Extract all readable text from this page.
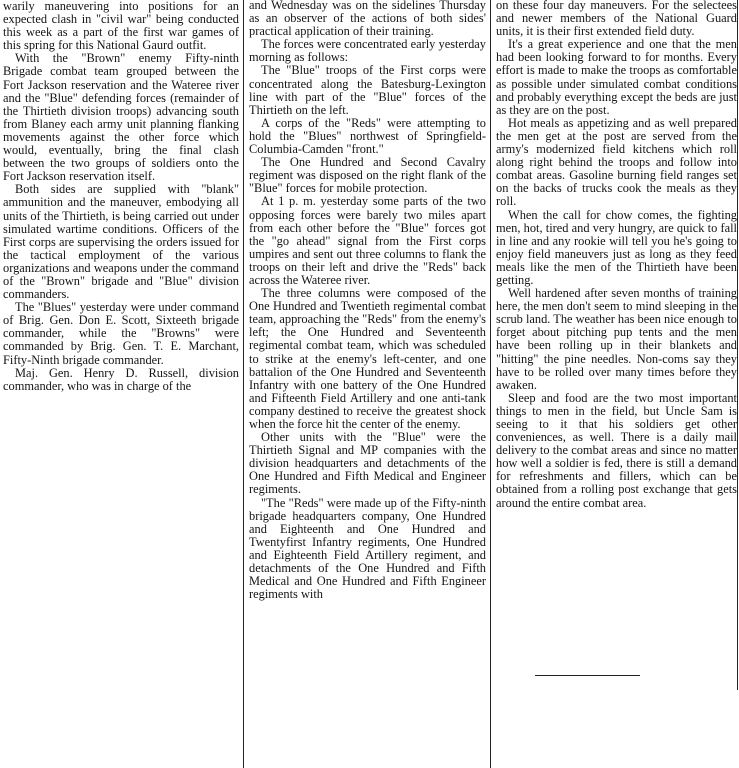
warily maneuvering into positions for an expected clash in "civil war" being conducted this week as a part of the first war games of this spring for this National Gaurd outfit.

With the "Brown" enemy Fifty-ninth Brigade combat team grouped between the Fort Jackson reservation and the Wateree river and the "Blue" defending forces (remainder of the Thirtieth division troops) advancing south from Blaney each army unit planning flanking movements against the other force which would, eventually, bring the final clash between the two groups of soldiers onto the Fort Jackson reservation itself.

Both sides are supplied with "blank" ammunition and the maneuver, embodying all units of the Thirtieth, is being carried out under simulated wartime conditions. Officers of the First corps are supervising the orders issued for the tactical employment of the various organizations and weapons under the command of the "Brown" brigade and "Blue" division commanders.

The "Blues" yesterday were under command of Brig. Gen. Don E. Scott, Sixteeth brigade commander, while the "Browns" were commanded by Brig. Gen. T. E. Marchant, Fifty-Ninth brigade commander.

Maj. Gen. Henry D. Russell, division commander, who was in charge of the

and Wednesday was on the sidelines Thursday as an observer of the actions of both sides' practical application of their training.

The forces were concentrated early yesterday morning as follows:

The "Blue" troops of the First corps were concentrated along the Batesburg-Lexington line with part of the "Blue" forces of the Thirtieth on the left.

A corps of the "Reds" were attempting to hold the "Blues" northwest of Springfield-Columbia-Camden "front."

The One Hundred and Second Cavalry regiment was disposed on the right flank of the "Blue" forces for mobile protection.

At 1 p. m. yesterday some parts of the two opposing forces were barely two miles apart from each other before the "Blue" forces got the "go ahead" signal from the First corps umpires and sent out three columns to flank the troops on their left and drive the "Reds" back across the Wateree river.

The three columns were composed of the One Hundred and Twentieth regimental combat team, approaching the "Reds" from the enemy's left; the One Hundred and Seventeenth regimental combat team, which was scheduled to strike at the enemy's left-center, and one battalion of the One Hundred and Seventeenth Infantry with one battery of the One Hundred and Fifteenth Field Artillery and one anti-tank company destined to receive the greatest shock when the force hit the center of the enemy.

Other units with the "Blue" were the Thirtieth Signal and MP companies with the division headquarters and detachments of the One Hundred and Fifth Medical and Engineer regiments.

"The "Reds" were made up of the Fifty-ninth brigade headquarters company, One Hundred and Eighteenth and One Hundred and Twentyfirst Infantry regiments, One Hundred and Eighteenth Field Artillery regiment, and detachments of the One Hundred and Fifth Medical and One Hundred and Fifth Engineer regiments with

on these four day maneuvers. For the selectees and newer members of the National Guard units, it is their first extended field duty.

It's a great experience and one that the men had been looking forward to for months. Every effort is made to make the troops as comfortable as possible under simulated combat conditions and probably everything except the beds are just as they are on the post.

Hot meals as appetizing and as well prepared the men get at the post are served from the army's modernized field kitchens which roll along right behind the troops and follow into combat areas. Gasoline burning field ranges set on the backs of trucks cook the meals as they roll.

When the call for chow comes, the fighting men, hot, tired and very hungry, are quick to fall in line and any rookie will tell you he's going to enjoy field maneuvers just as long as they feed meals like the men of the Thirtieth have been getting.

Well hardened after seven months of training here, the men don't seem to mind sleeping in the scrub land. The weather has been nice enough to forget about pitching pup tents and the men have been rolling up in their blankets and "hitting" the pine needles. Non-coms say they have to be rolled over many times before they awaken.

Sleep and food are the two most important things to men in the field, but Uncle Sam is seeing to it that his soldiers get other conveniences, as well. There is a daily mail delivery to the combat areas and since no matter how well a soldier is fed, there is still a demand for refreshments and fillers, which can be obtained from a rolling post exchange that gets around the entire combat area.
